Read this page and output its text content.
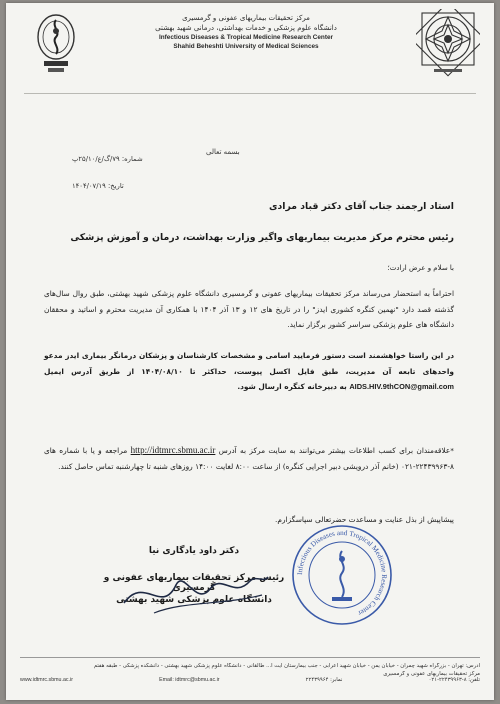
مرکز تحقیقات بیماریهای عفونی و گرمسیری
دانشگاه علوم پزشکی و خدمات بهداشتی، درمانی شهید بهشتی
Infectious Diseases & Tropical Medicine Research Center
Shahid Beheshti University of Medical Sciences
بسمه تعالی
شماره: ۷۹/گ/ع/۲۵/۱۰پ
تاریخ: ۱۴۰۴/۰۷/۱۹
استاد ارجمند جناب آقای دکتر قباد مرادی
رئیس محترم مرکز مدیریت بیماریهای واگیر وزارت بهداشت، درمان و آموزش پزشکی
با سلام و عرض ارادت؛
احتراماً به استحضار می‌رساند مرکز تحقیقات بیماریهای عفونی و گرمسیری دانشگاه علوم پزشکی شهید بهشتی، طبق روال سال‌های گذشته قصد دارد "نهمین کنگره کشوری ایدز" را در تاریخ های ۱۲ و ۱۳ آذر ۱۴۰۴ با همکاری آن مدیریت محترم و اساتید و محققان دانشگاه های علوم پزشکی سراسر کشور برگزار نماید.
در این راستا خواهشمند است دستور فرمایید اسامی و مشخصات کارشناسان و پزشکان درمانگر بیماری ایدز مدعو واحدهای تابعه آن مدیریت، طبق فایل اکسل پیوست، حداکثر تا ۱۴۰۴/۰۸/۱۰ از طریق آدرس ایمیل AIDS.HIV.9thCON@gmail.com به دبیرخانه کنگره ارسال شود.
*علاقه‌مندان برای کسب اطلاعات بیشتر می‌توانند به سایت مرکز به آدرس http://idtmrc.sbmu.ac.ir مراجعه و یا با شماره های ۸-۲۲۴۳۹۹۶۳-۰۲۱ (خانم آذر درویشی دبیر اجرایی کنگره) از ساعت ۸:۰۰ لغایت ۱۴:۰۰ روزهای شنبه تا چهارشنبه تماس حاصل کنند.
پیشاپیش از بذل عنایت و مساعدت حضرتعالی سپاسگزارم.
دکتر داود یادگاری نیا
رئیس مرکز تحقیقات بیماریهای عفونی و گرمسیری
دانشگاه علوم پزشکی شهید بهشتی
Infectious Diseases and Tropical Medicine Research Center
آدرس: تهران - بزرگراه شهید چمران - خیابان یمن - خیابان شهید اعرابی - جنب بیمارستان آیت ا... طالقانی - دانشگاه علوم پزشکی شهید بهشتی - دانشکده پزشکی - طبقه هفتم
مرکز تحقیقات بیماریهای عفونی و گرمسیری
www.idtmrc.sbmu.ac.ir	Email: idtmrc@sbmu.ac.ir	نمابر: ۲۲۴۳۹۹۶۴	تلفن: ۸-۲۲۴۳۹۹۶۳-۰۲۱
